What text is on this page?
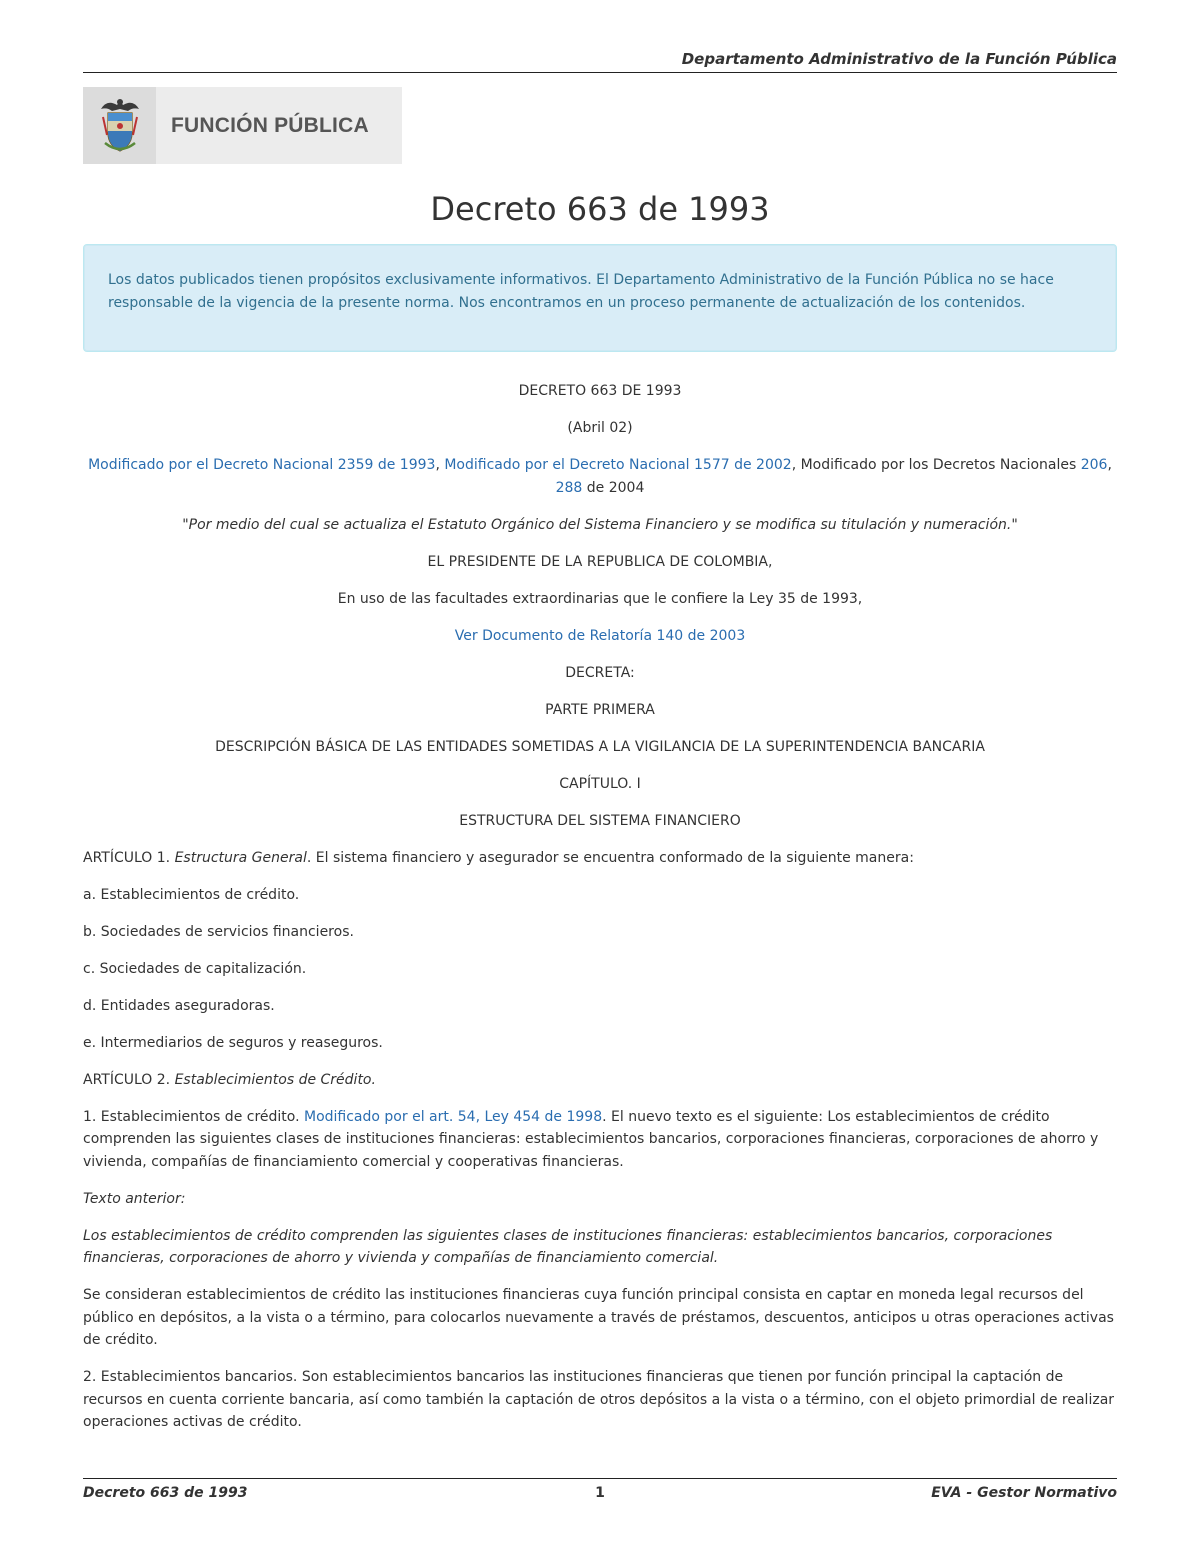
Departamento Administrativo de la Función Pública
FUNCIÓN PÚBLICA
Decreto 663 de 1993

Los datos publicados tienen propósitos exclusivamente informativos. El Departamento Administrativo de la Función Pública no se hace responsable de la vigencia de la presente norma. Nos encontramos en un proceso permanente de actualización de los contenidos.

DECRETO 663 DE 1993

(Abril 02)

Modificado por el Decreto Nacional 2359 de 1993, Modificado por el Decreto Nacional 1577 de 2002, Modificado por los Decretos Nacionales 206, 288 de 2004

"Por medio del cual se actualiza el Estatuto Orgánico del Sistema Financiero y se modifica su titulación y numeración."

EL PRESIDENTE DE LA REPUBLICA DE COLOMBIA,

En uso de las facultades extraordinarias que le confiere la Ley 35 de 1993,

Ver Documento de Relatoría 140 de 2003

DECRETA:

PARTE PRIMERA

DESCRIPCIÓN BÁSICA DE LAS ENTIDADES SOMETIDAS A LA VIGILANCIA DE LA SUPERINTENDENCIA BANCARIA

CAPÍTULO. I

ESTRUCTURA DEL SISTEMA FINANCIERO

ARTÍCULO 1. Estructura General. El sistema financiero y asegurador se encuentra conformado de la siguiente manera:

a. Establecimientos de crédito.

b. Sociedades de servicios financieros.

c. Sociedades de capitalización.

d. Entidades aseguradoras.

e. Intermediarios de seguros y reaseguros.

ARTÍCULO 2. Establecimientos de Crédito.

1. Establecimientos de crédito. Modificado por el art. 54, Ley 454 de 1998. El nuevo texto es el siguiente: Los establecimientos de crédito comprenden las siguientes clases de instituciones financieras: establecimientos bancarios, corporaciones financieras, corporaciones de ahorro y vivienda, compañías de financiamiento comercial y cooperativas financieras.

Texto anterior:

Los establecimientos de crédito comprenden las siguientes clases de instituciones financieras: establecimientos bancarios, corporaciones financieras, corporaciones de ahorro y vivienda y compañías de financiamiento comercial.

Se consideran establecimientos de crédito las instituciones financieras cuya función principal consista en captar en moneda legal recursos del público en depósitos, a la vista o a término, para colocarlos nuevamente a través de préstamos, descuentos, anticipos u otras operaciones activas de crédito.

2. Establecimientos bancarios. Son establecimientos bancarios las instituciones financieras que tienen por función principal la captación de recursos en cuenta corriente bancaria, así como también la captación de otros depósitos a la vista o a término, con el objeto primordial de realizar operaciones activas de crédito.

Decreto 663 de 1993	1	EVA - Gestor Normativo
